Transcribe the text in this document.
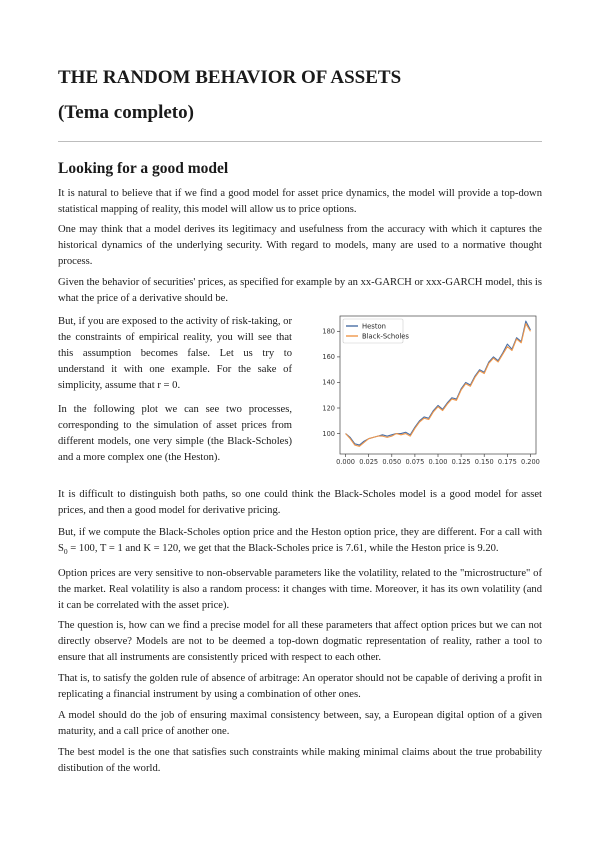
THE RANDOM BEHAVIOR OF ASSETS
(Tema completo)
Looking for a good model

It is natural to believe that if we find a good model for asset price dynamics, the model will provide a top-down statistical mapping of reality, this model will allow us to price options.

One may think that a model derives its legitimacy and usefulness from the accuracy with which it captures the historical dynamics of the underlying security. With regard to models, many are used to a normative thought process.

Given the behavior of securities' prices, as specified for example by an xx-GARCH or xxx-GARCH model, this is what the price of a derivative should be.

But, if you are exposed to the activity of risk-taking, or the constraints of empirical reality, you will see that this assumption becomes false. Let us try to understand it with one example. For the sake of simplicity, assume that r = 0.

In the following plot we can see two processes, corresponding to the simulation of asset prices from different models, one very simple (the Black-Scholes) and a more complex one (the Heston).	0.000 0.025 0.050 0.075 0.100 0.125 0.150 0.175 0.200
100
120
140
160
180
Heston
Black-Scholes

It is difficult to distinguish both paths, so one could think the Black-Scholes model is a good model for asset prices, and then a good model for derivative pricing.

But, if we compute the Black-Scholes option price and the Heston option price, they are different. For a call with $S_0 = 100$, T = 1 and K = 120, we get that the Black-Scholes price is 7.61, while the Heston price is 9.20.

Option prices are very sensitive to non-observable parameters like the volatility, related to the "microstructure" of the market. Real volatility is also a random process: it changes with time. Moreover, it has its own volatility (and it can be correlated with the asset price).

The question is, how can we find a precise model for all these parameters that affect option prices but we can not directly observe? Models are not to be deemed a top-down dogmatic representation of reality, rather a tool to ensure that all instruments are consistently priced with respect to each other.

That is, to satisfy the golden rule of absence of arbitrage: An operator should not be capable of deriving a profit in replicating a financial instrument by using a combination of other ones.

A model should do the job of ensuring maximal consistency between, say, a European digital option of a given maturity, and a call price of another one.

The best model is the one that satisfies such constraints while making minimal claims about the true probability distibution of the world.
